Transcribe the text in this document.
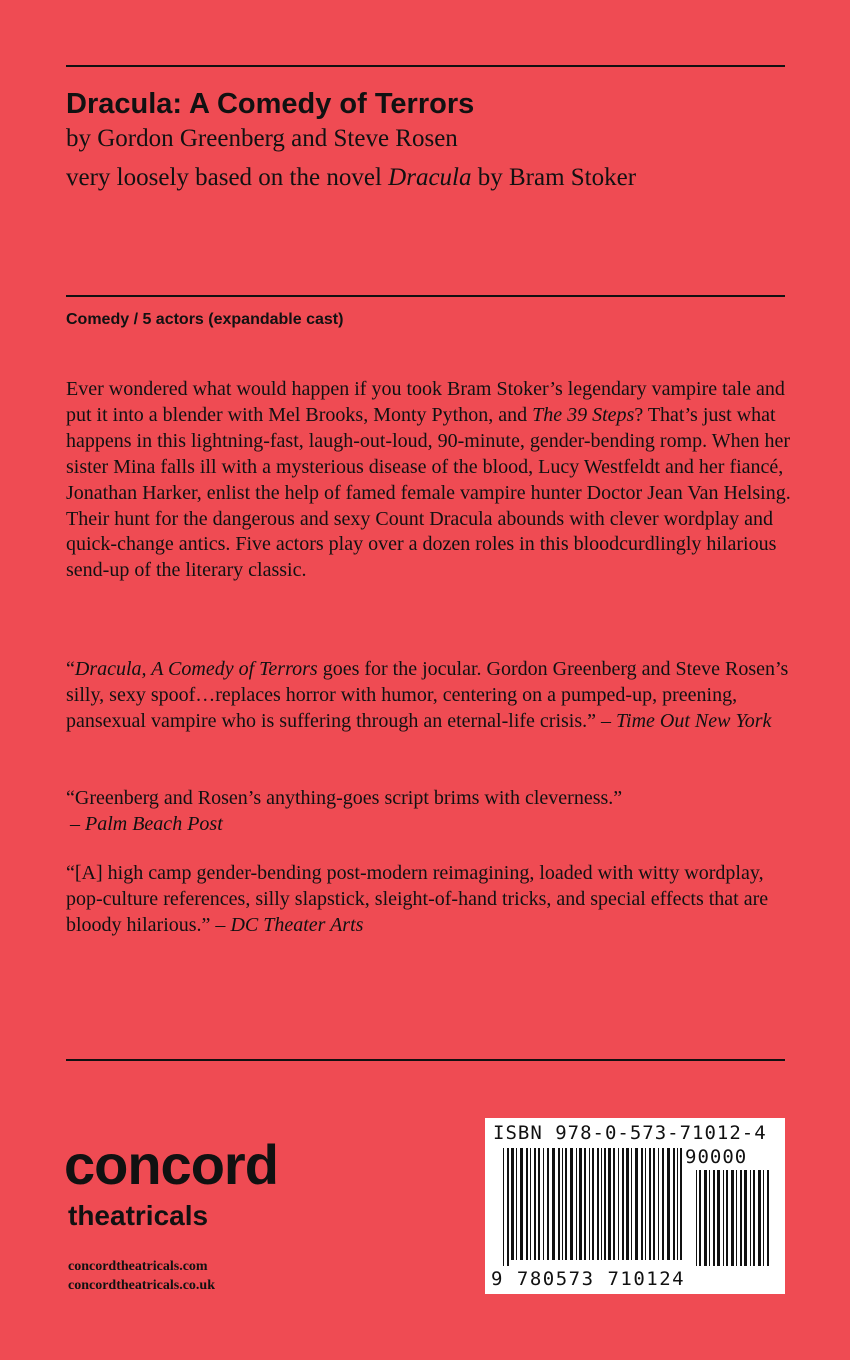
Dracula: A Comedy of Terrors

by Gordon Greenberg and Steve Rosen

very loosely based on the novel Dracula by Bram Stoker

Comedy / 5 actors (expandable cast)

Ever wondered what would happen if you took Bram Stoker’s legendary vampire tale and put it into a blender with Mel Brooks, Monty Python, and The 39 Steps? That’s just what happens in this lightning-fast, laugh-out-loud, 90-minute, gender-bending romp. When her sister Mina falls ill with a mysterious disease of the blood, Lucy Westfeldt and her fiancé, Jonathan Harker, enlist the help of famed female vampire hunter Doctor Jean Van Helsing. Their hunt for the dangerous and sexy Count Dracula abounds with clever wordplay and quick-change antics. Five actors play over a dozen roles in this bloodcurdlingly hilarious send-up of the literary classic.

“Dracula, A Comedy of Terrors goes for the jocular. Gordon Greenberg and Steve Rosen’s silly, sexy spoof…replaces horror with humor, centering on a pumped-up, preening, pansexual vampire who is suffering through an eternal-life crisis.” – Time Out New York

“Greenberg and Rosen’s anything-goes script brims with cleverness.”
– Palm Beach Post

“[A] high camp gender-bending post-modern reimagining, loaded with witty wordplay, pop-culture references, silly slapstick, sleight-of-hand tricks, and special effects that are bloody hilarious.” – DC Theater Arts

concord

theatricals

concordtheatricals.com

concordtheatricals.co.uk

ISBN 978-0-573-71012-4

90000

9 780573 710124
